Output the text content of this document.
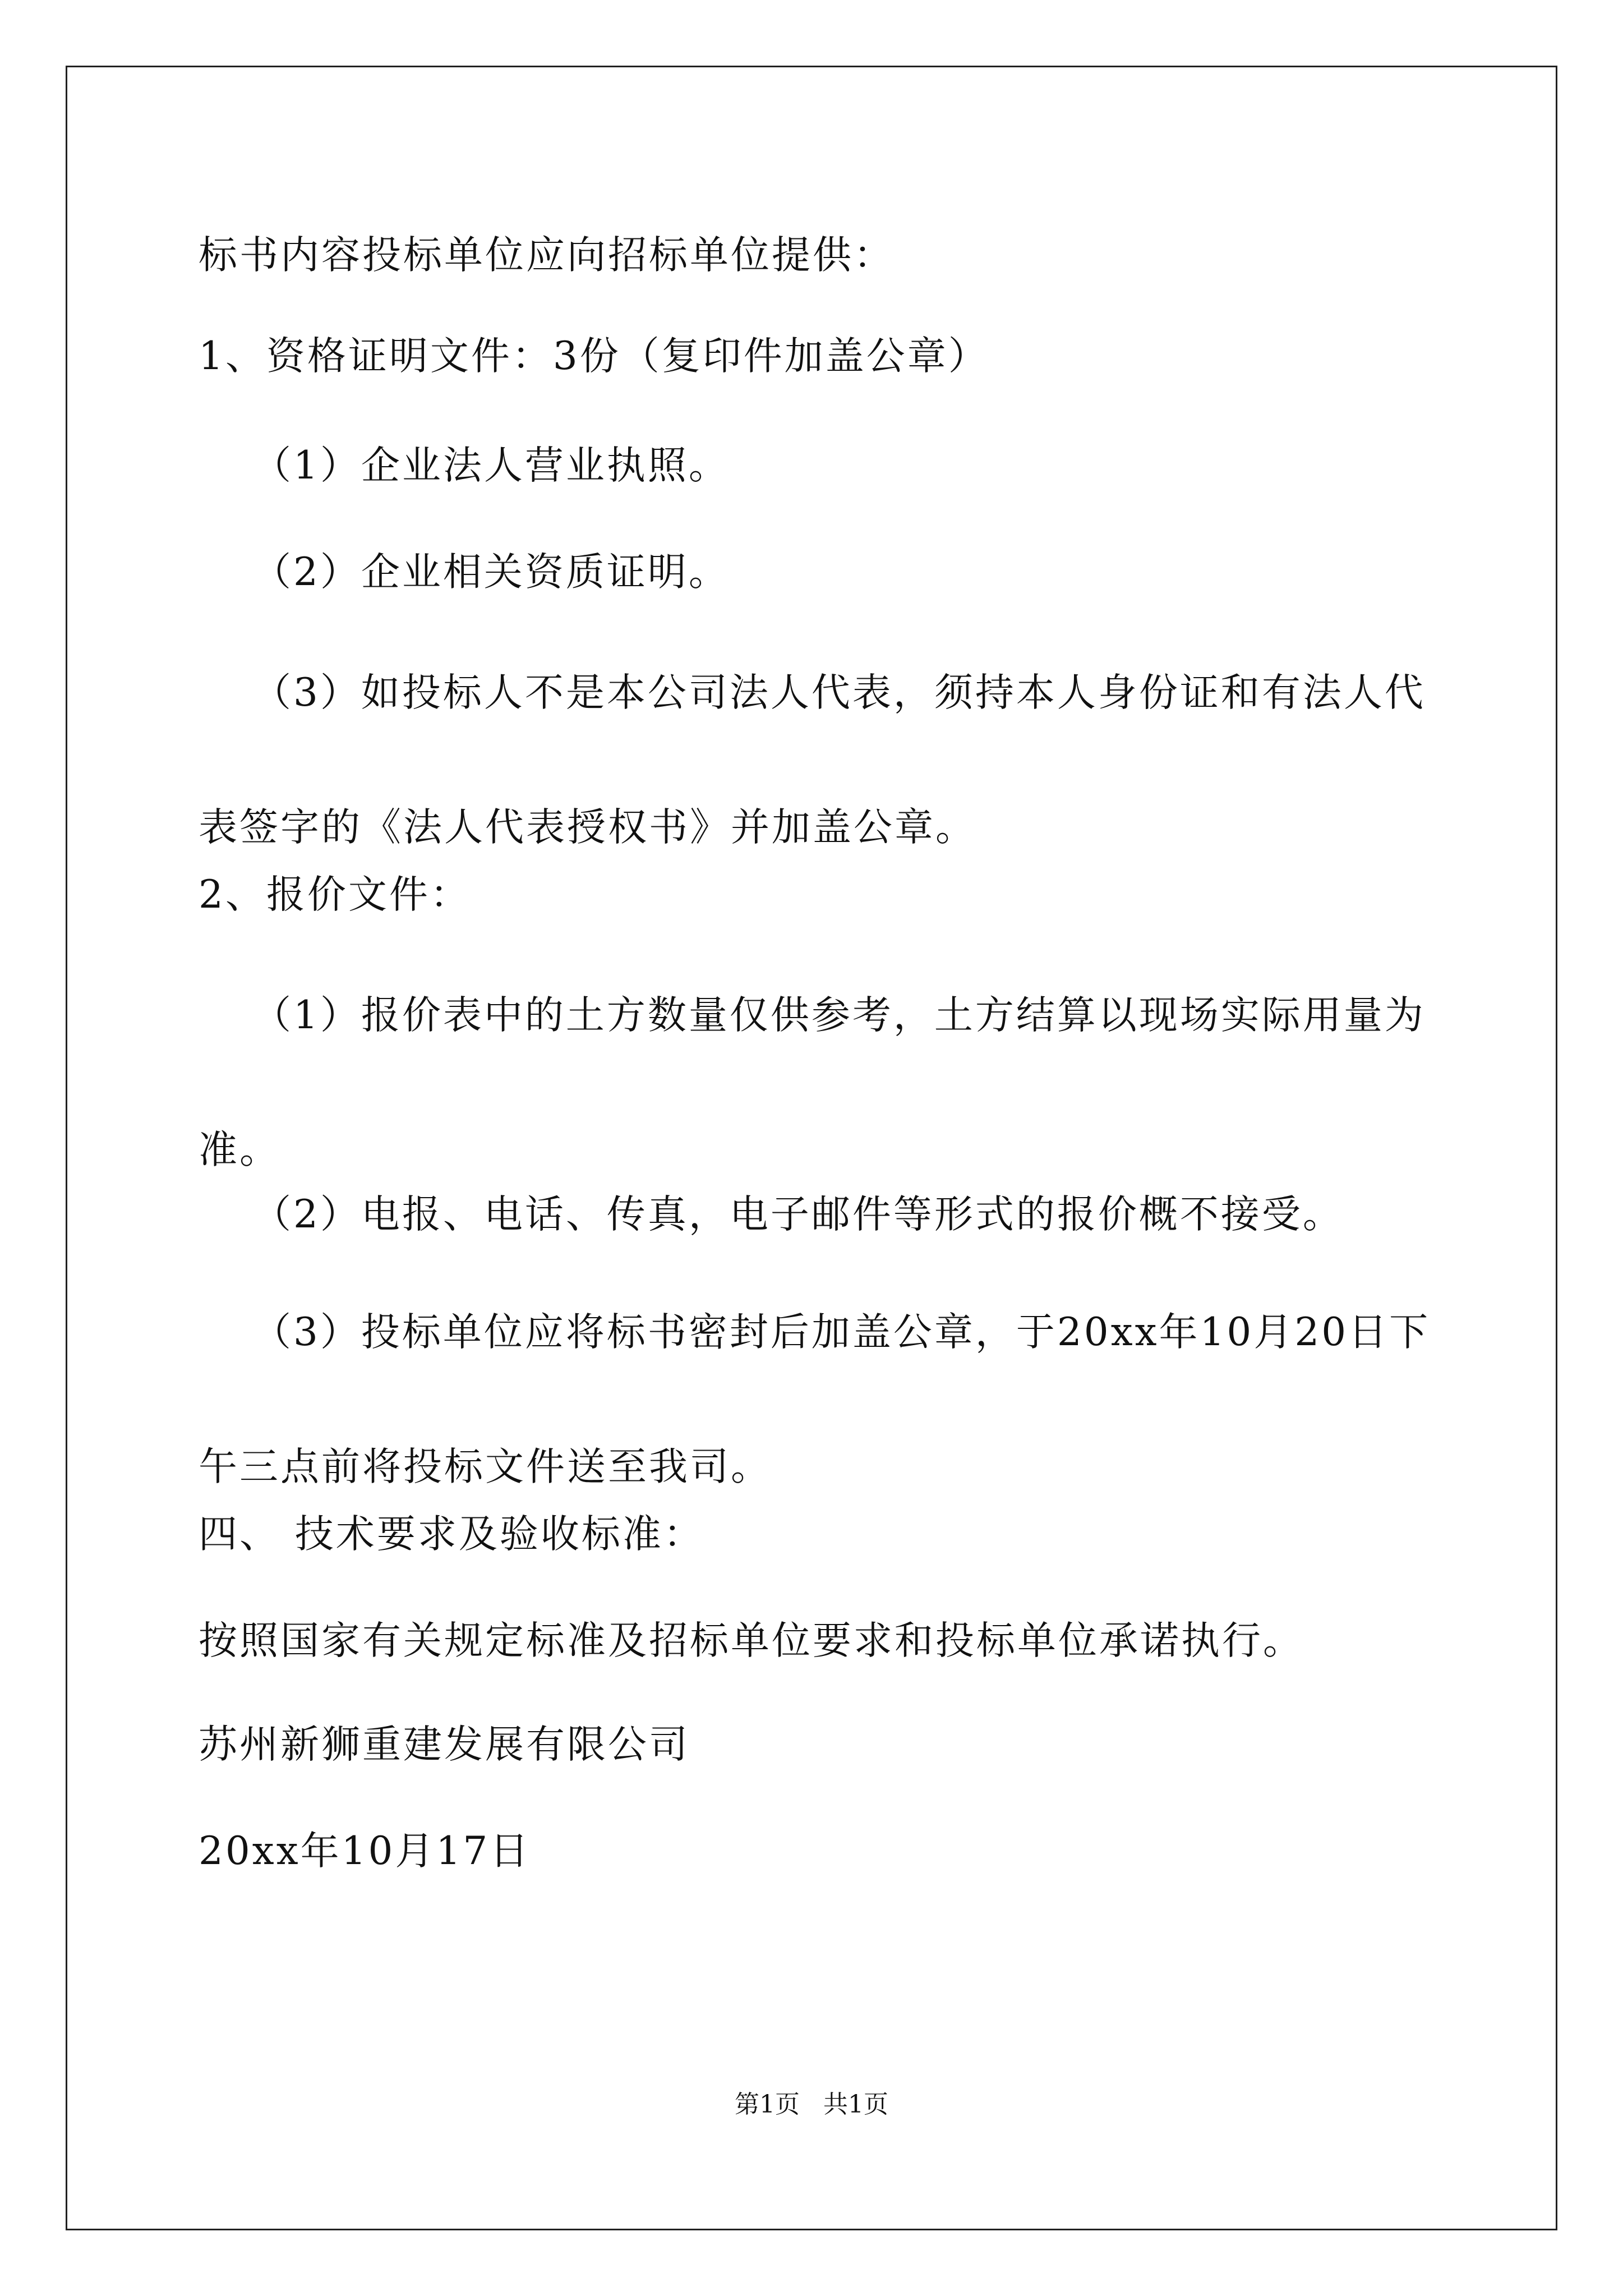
标书内容投标单位应向招标单位提供：
1、资格证明文件：3份（复印件加盖公章）
（1）企业法人营业执照。
（2）企业相关资质证明。
（3）如投标人不是本公司法人代表，须持本人身份证和有法人代表签字的《法人代表授权书》并加盖公章。
2、报价文件：
（1）报价表中的土方数量仅供参考，土方结算以现场实际用量为准。
（2）电报、电话、传真，电子邮件等形式的报价概不接受。
（3）投标单位应将标书密封后加盖公章，于20xx年10月20日下午三点前将投标文件送至我司。
四、 技术要求及验收标准：
按照国家有关规定标准及招标单位要求和投标单位承诺执行。
苏州新狮重建发展有限公司
20xx年10月17日
第1页   共1页
